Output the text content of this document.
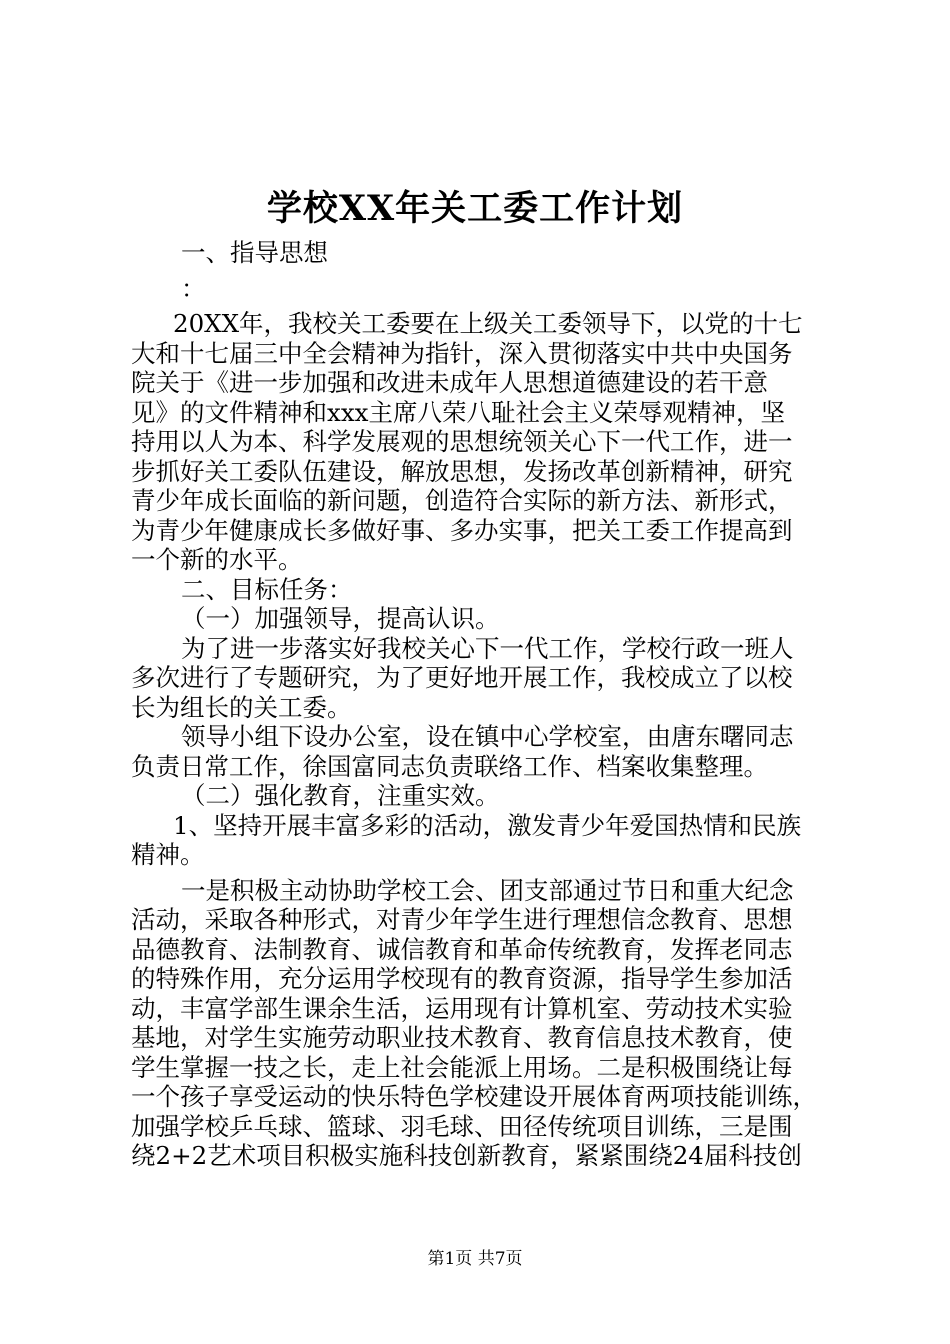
学校XX年关工委工作计划
一、指导思想
：
20XX年，我校关工委要在上级关工委领导下，以党的十七
大和十七届三中全会精神为指针，深入贯彻落实中共中央国务
院关于《进一步加强和改进未成年人思想道德建设的若干意
见》的文件精神和xxx主席八荣八耻社会主义荣辱观精神，坚
持用以人为本、科学发展观的思想统领关心下一代工作，进一
步抓好关工委队伍建设，解放思想，发扬改革创新精神，研究
青少年成长面临的新问题，创造符合实际的新方法、新形式，
为青少年健康成长多做好事、多办实事，把关工委工作提高到
一个新的水平。
二、目标任务：
（一）加强领导，提高认识。
为了进一步落实好我校关心下一代工作，学校行政一班人
多次进行了专题研究，为了更好地开展工作，我校成立了以校
长为组长的关工委。
领导小组下设办公室，设在镇中心学校室，由唐东曙同志
负责日常工作，徐国富同志负责联络工作、档案收集整理。
（二）强化教育，注重实效。
1、坚持开展丰富多彩的活动，激发青少年爱国热情和民族
精神。
一是积极主动协助学校工会、团支部通过节日和重大纪念
活动，采取各种形式，对青少年学生进行理想信念教育、思想
品德教育、法制教育、诚信教育和革命传统教育，发挥老同志
的特殊作用，充分运用学校现有的教育资源，指导学生参加活
动，丰富学部生课余生活，运用现有计算机室、劳动技术实验
基地，对学生实施劳动职业技术教育、教育信息技术教育，使
学生掌握一技之长，走上社会能派上用场。二是积极围绕让每
一个孩子享受运动的快乐特色学校建设开展体育两项技能训练，
加强学校乒乓球、篮球、羽毛球、田径传统项目训练，三是围
绕2+2艺术项目积极实施科技创新教育，紧紧围绕24届科技创
第1页 共7页
